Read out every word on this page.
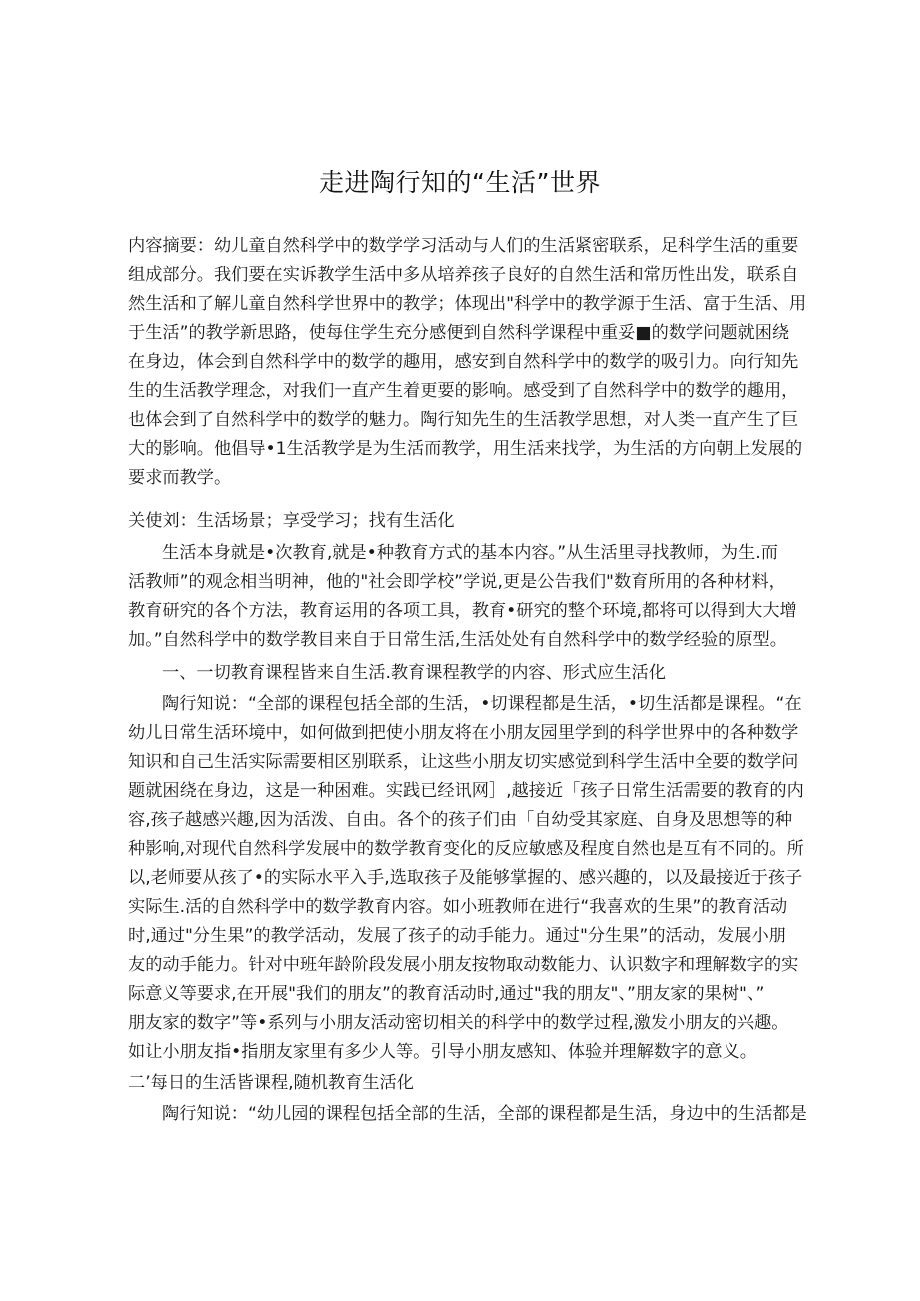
走进陶行知的“生活”世界
内容摘要：幼儿童自然科学中的数学学习活动与人们的生活紧密联系，足科学生活的重要
组成部分。我们要在实诉教学生活中多从培养孩子良好的自然生活和常历性出发，联系自
然生活和了解儿童自然科学世界中的教学；体现出"科学中的教学源于生活、富于生活、用
于生活”的教学新思路，使每住学生充分感便到自然科学课程中重妥■的数学问题就困绕
在身边，体会到自然科学中的数学的趣用，感安到自然科学中的数学的吸引力。向行知先
生的生活教学理念，对我们一直产生着更要的影响。感受到了自然科学中的数学的趣用，
也体会到了自然科学中的数学的魅力。陶行知先生的生活教学思想，对人类一直产生了巨
大的影响。他倡导•1生活教学是为生活而教学，用生活来找学，为生活的方向朝上发展的
要求而教学。
关使刘：生活场景；享受学习；找有生活化
生活本身就是•次教育,就是•种教育方式的基本内容。”从生活里寻找教师，为生.而
活教师”的观念相当明神，他的"社会即学校”学说,更是公告我们"数育所用的各种材料，
教育研究的各个方法，教育运用的各项工具，教育•研究的整个环境,都将可以得到大大增
加。”自然科学中的数学教目来自于日常生活,生活处处有自然科学中的数学经验的原型。
一、一切教育课程皆来自生活.教育课程教学的内容、形式应生活化
陶行知说：“全部的课程包括全部的生活，•切课程都是生活，•切生活都是课程。“在
幼儿日常生活环境中，如何做到把使小朋友将在小朋友园里学到的科学世界中的各种数学
知识和自己生活实际需要相区别联系，让这些小朋友切实感觉到科学生活中全要的数学问
题就困绕在身边，这是一种困难。实践已经讯网］,越接近「孩子日常生活需要的教育的内
容,孩子越感兴趣,因为活泼、自由。各个的孩子们由「自幼受其家庭、自身及思想等的种
种影响,对现代自然科学发展中的数学教育变化的反应敏感及程度自然也是互有不同的。所
以,老师要从孩了•的实际水平入手,选取孩子及能够掌握的、感兴趣的，以及最接近于孩子
实际生.活的自然科学中的数学教育内容。如小班教师在进行“我喜欢的生果”的教育活动
时,通过"分生果”的教学活动，发展了孩子的动手能力。通过"分生果”的活动，发展小朋
友的动手能力。针对中班年龄阶段发展小朋友按物取动数能力、认识数字和理解数字的实
际意义等要求,在开展"我们的朋友”的教育活动时,通过"我的朋友"、”朋友家的果树"、”
朋友家的数字”等•系列与小朋友活动密切相关的科学中的数学过程,激发小朋友的兴趣。
如让小朋友指•指朋友家里有多少人等。引导小朋友感知、体验并理解数字的意义。
二’每日的生活皆课程,随机教育生活化
陶行知说：“幼儿园的课程包括全部的生活，全部的课程都是生活，身边中的生活都是
